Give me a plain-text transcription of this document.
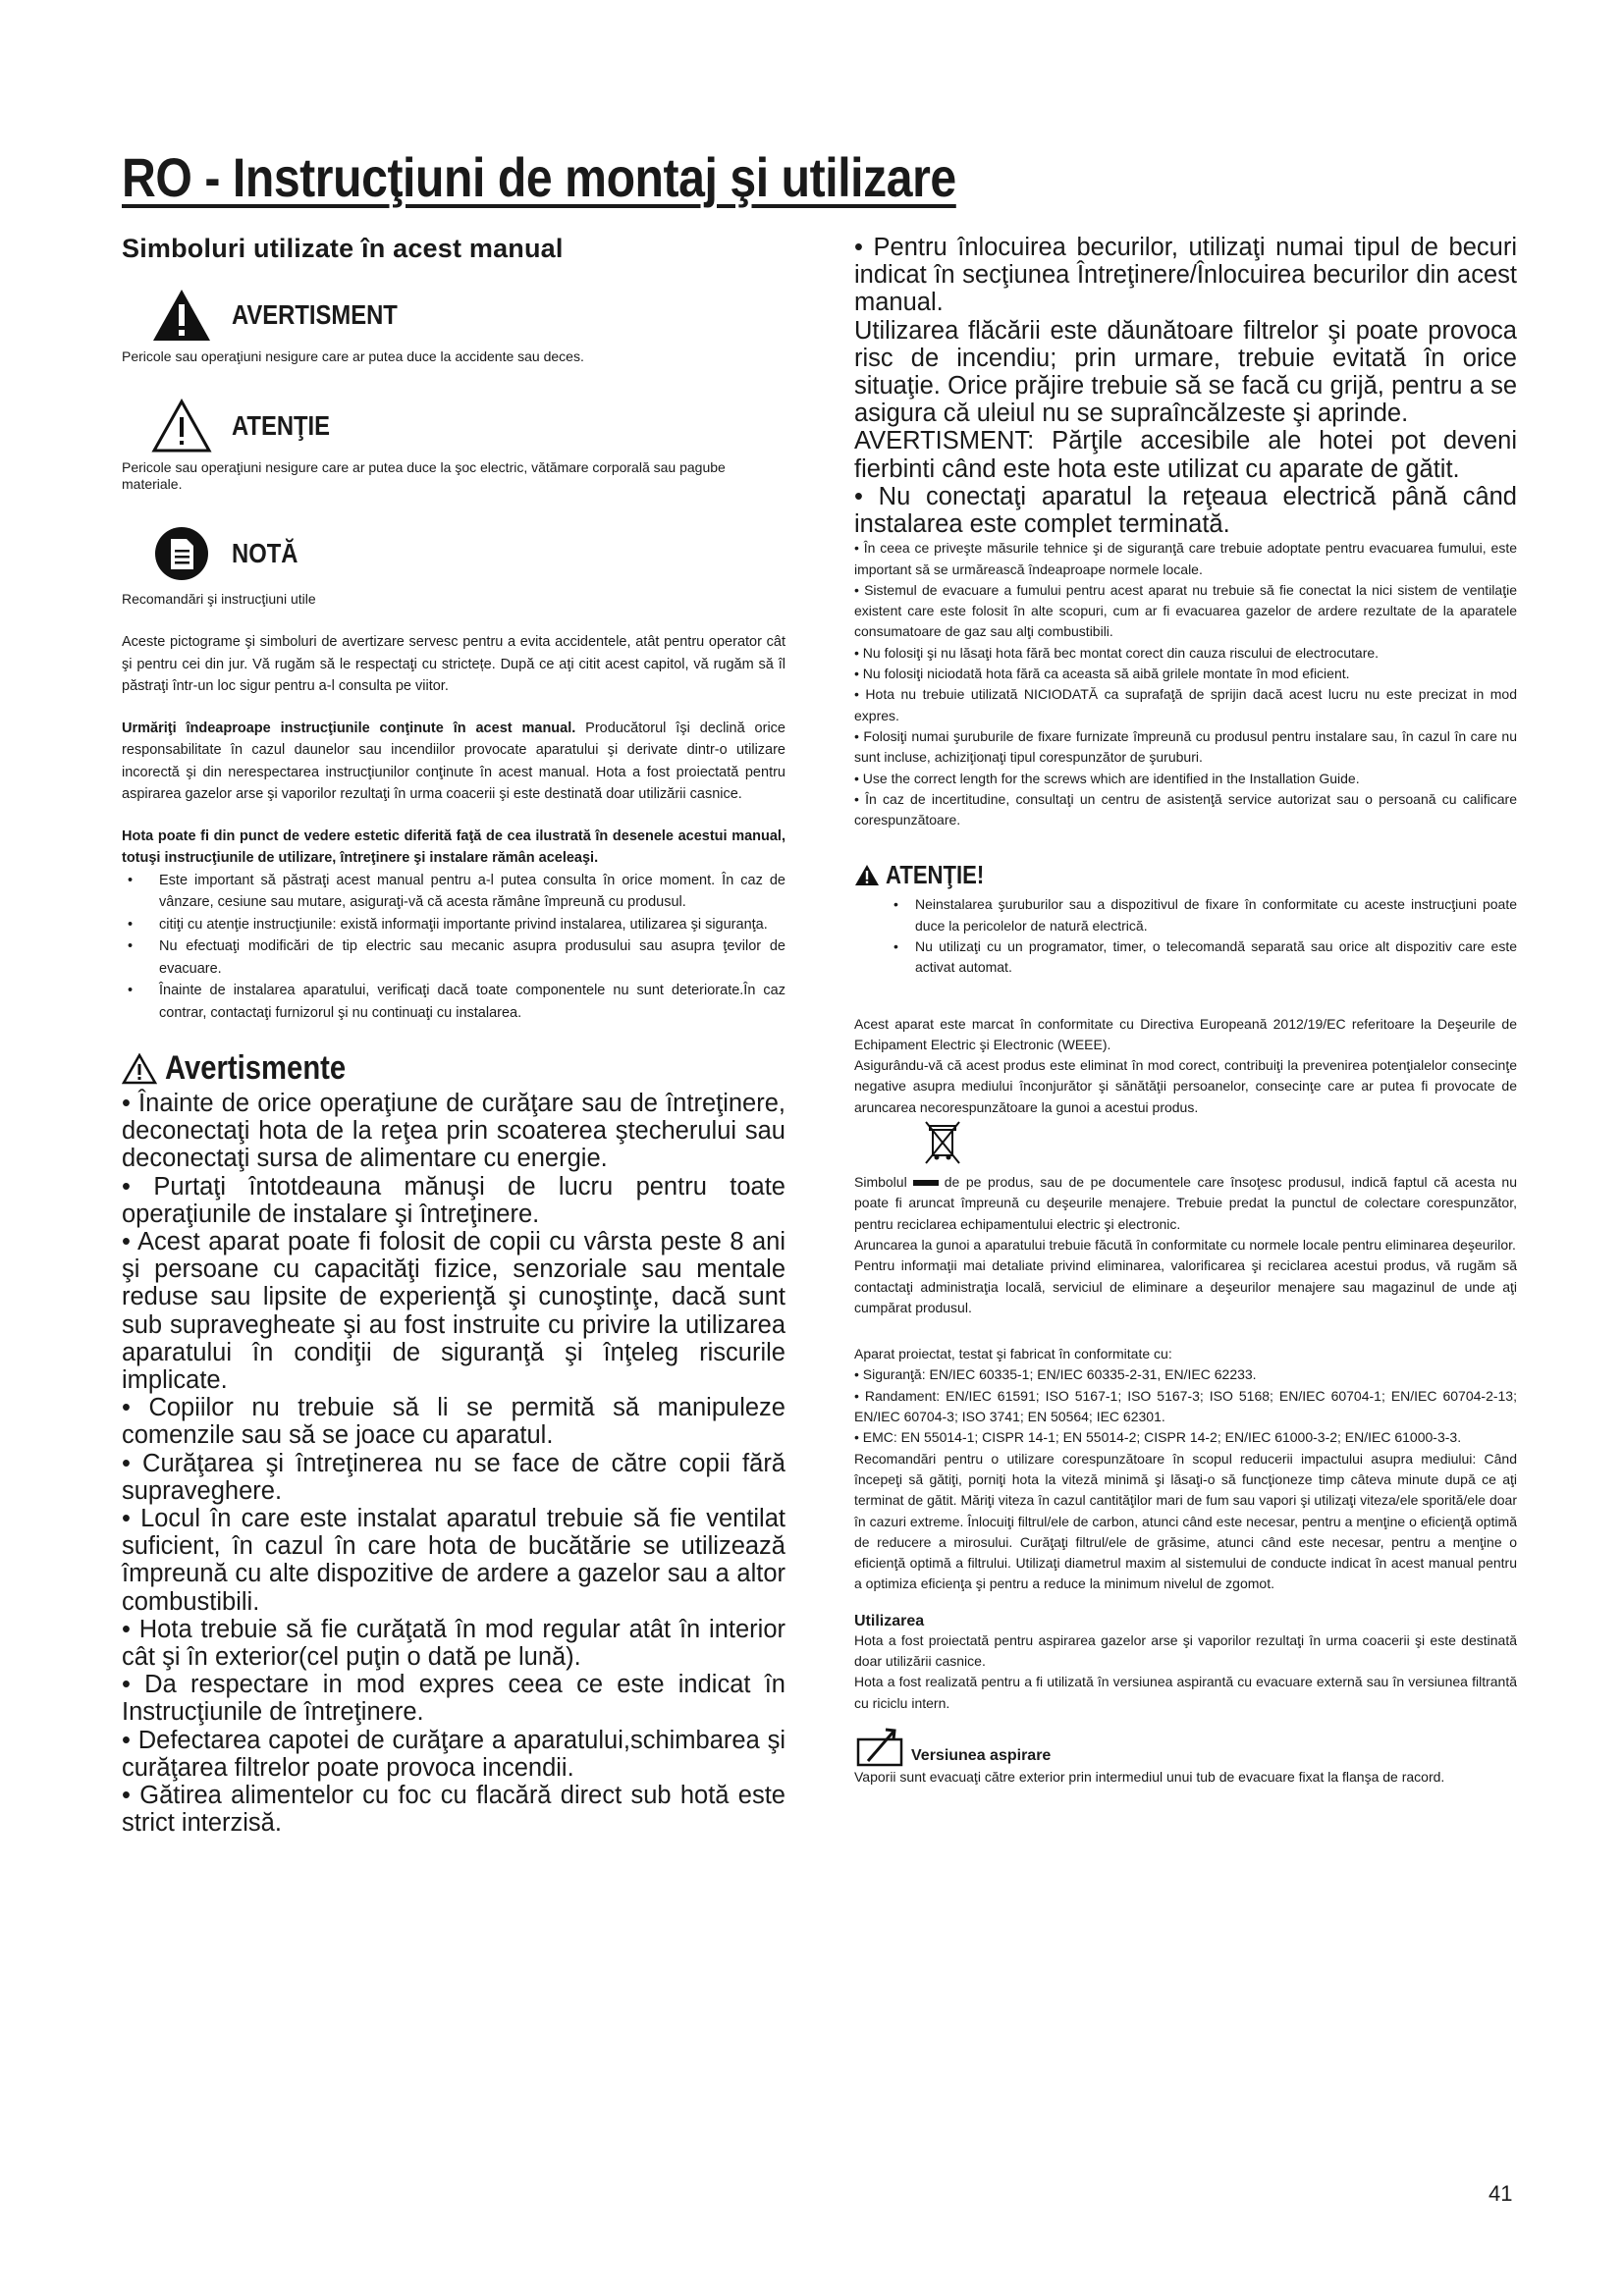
RO - Instrucţiuni de montaj şi utilizare
Simboluri utilizate în acest manual
AVERTISMENT

Pericole sau operaţiuni nesigure care ar putea duce la accidente sau deces.

ATENŢIE

Pericole sau operaţiuni nesigure care ar putea duce la şoc electric, vătămare corporală sau pagube materiale.

NOTĂ

Recomandări şi instrucţiuni utile

Aceste pictograme şi simboluri de avertizare servesc pentru a evita accidentele, atât pentru operator cât şi pentru cei din jur. Vă rugăm să le respectaţi cu strictețe. După ce aţi citit acest capitol, vă rugăm să îl păstraţi într-un loc sigur pentru a-l consulta pe viitor.

Urmăriţi îndeaproape instrucţiunile conţinute în acest manual. Producătorul îşi declină orice responsabilitate în cazul daunelor sau incendiilor provocate aparatului şi derivate dintr-o utilizare incorectă şi din nerespectarea instrucţiunilor conţinute în acest manual. Hota a fost proiectată pentru aspirarea gazelor arse şi vaporilor rezultaţi în urma coacerii şi este destinată doar utilizării casnice.

Hota poate fi din punct de vedere estetic diferită faţă de cea ilustrată în desenele acestui manual, totuşi instrucţiunile de utilizare, întreţinere şi instalare rămân aceleaşi.

• Este important să păstraţi acest manual pentru a-l putea consulta în orice moment. În caz de vânzare, cesiune sau mutare, asiguraţi-vă că acesta rămâne împreună cu produsul.
• citiţi cu atenţie instrucţiunile: există informaţii importante privind instalarea, utilizarea şi siguranţa.
• Nu efectuaţi modificări de tip electric sau mecanic asupra produsului sau asupra ţevilor de evacuare.
• Înainte de instalarea aparatului, verificaţi dacă toate componentele nu sunt deteriorate.În caz contrar, contactaţi furnizorul şi nu continuaţi cu instalarea.
Avertismente

• Înainte de orice operaţiune de curăţare sau de întreţinere, deconectaţi hota de la reţea prin scoaterea ştecherului sau deconectaţi sursa de alimentare cu energie.

• Purtaţi întotdeauna mănuşi de lucru pentru toate operaţiunile de instalare şi întreţinere.

• Acest aparat poate fi folosit de copii cu vârsta peste 8 ani şi persoane cu capacităţi fizice, senzoriale sau mentale reduse sau lipsite de experienţă şi cunoştinţe, dacă sunt sub supravegheate şi au fost instruite cu privire la utilizarea aparatului în condiţii de siguranţă şi înţeleg riscurile implicate.

• Copiilor nu trebuie să li se permită să manipuleze comenzile sau să se joace cu aparatul.

• Curăţarea şi întreţinerea nu se face de către copii fără supraveghere.

• Locul în care este instalat aparatul trebuie să fie ventilat suficient, în cazul în care hota de bucătărie se utilizează împreună cu alte dispozitive de ardere a gazelor sau a altor combustibili.

• Hota trebuie să fie curăţată în mod regular atât în interior cât şi în exterior(cel puţin o dată pe lună).

• Da respectare in mod expres ceea ce este indicat în Instrucţiunile de întreţinere.

• Defectarea capotei de curăţare a aparatului,schimbarea şi curăţarea filtrelor poate provoca incendii.

• Gătirea alimentelor cu foc cu flacără direct sub hotă este strict interzisă.

• Pentru înlocuirea becurilor, utilizaţi numai tipul de becuri indicat în secţiunea Întreţinere/Înlocuirea becurilor din acest manual.

Utilizarea flăcării este dăunătoare filtrelor şi poate provoca risc de incendiu; prin urmare, trebuie evitată în orice situaţie. Orice prăjire trebuie să se facă cu grijă, pentru a se asigura că uleiul nu se supraîncălzeste şi aprinde.

AVERTISMENT: Părţile accesibile ale hotei pot deveni fierbinti când este hota este utilizat cu aparate de gătit.

• Nu conectaţi aparatul la reţeaua electrică până când instalarea este complet terminată.

• În ceea ce priveşte măsurile tehnice şi de siguranţă care trebuie adoptate pentru evacuarea fumului, este important să se urmărească îndeaproape normele locale.

• Sistemul de evacuare a fumului pentru acest aparat nu trebuie să fie conectat la nici sistem de ventilaţie existent care este folosit în alte scopuri, cum ar fi evacuarea gazelor de ardere rezultate de la aparatele consumatoare de gaz sau alţi combustibili.

• Nu folosiţi şi nu lăsaţi hota fără bec montat corect din cauza riscului de electrocutare.

• Nu folosiţi niciodată hota fără ca aceasta să aibă grilele montate în mod eficient.

• Hota nu trebuie utilizată NICIODATĂ ca suprafaţă de sprijin dacă acest lucru nu este precizat in mod expres.

• Folosiţi numai şuruburile de fixare furnizate împreună cu produsul pentru instalare sau, în cazul în care nu sunt incluse, achiziţionaţi tipul corespunzător de şuruburi.

• Use the correct length for the screws which are identified in the Installation Guide.

• În caz de incertitudine, consultaţi un centru de asistenţă service autorizat sau o persoană cu calificare corespunzătoare.

ATENŢIE!
• Neinstalarea şuruburilor sau a dispozitivul de fixare în conformitate cu aceste instrucţiuni poate duce la pericolelor de natură electrică.
• Nu utilizaţi cu un programator, timer, o telecomandă separată sau orice alt dispozitiv care este activat automat.

Acest aparat este marcat în conformitate cu Directiva Europeană 2012/19/EC referitoare la Deşeurile de Echipament Electric şi Electronic (WEEE).

Asigurându-vă că acest produs este eliminat în mod corect, contribuiţi la prevenirea potenţialelor consecinţe negative asupra mediului înconjurător şi sănătăţii persoanelor, consecinţe care ar putea fi provocate de aruncarea necorespunzătoare la gunoi a acestui produs.

Simbolul	de pe produs, sau de pe documentele care însoţesc produsul, indică faptul că acesta nu poate fi aruncat împreună cu deşeurile menajere. Trebuie predat la punctul de colectare corespunzător, pentru reciclarea echipamentului electric şi electronic.

Aruncarea la gunoi a aparatului trebuie făcută în conformitate cu normele locale pentru eliminarea deşeurilor.

Pentru informaţii mai detaliate privind eliminarea, valorificarea şi reciclarea acestui produs, vă rugăm să contactaţi administraţia locală, serviciul de eliminare a deşeurilor menajere sau magazinul de unde aţi cumpărat produsul.

Aparat proiectat, testat şi fabricat în conformitate cu:

• Siguranţă: EN/IEC 60335-1; EN/IEC 60335-2-31, EN/IEC 62233.

• Randament: EN/IEC 61591; ISO 5167-1; ISO 5167-3; ISO 5168; EN/IEC 60704-1; EN/IEC 60704-2-13; EN/IEC 60704-3; ISO 3741; EN 50564; IEC 62301.

• EMC: EN 55014-1; CISPR 14-1; EN 55014-2; CISPR 14-2; EN/IEC 61000-3-2; EN/IEC 61000-3-3.

Recomandări pentru o utilizare corespunzătoare în scopul reducerii impactului asupra mediului: Când începeţi să gătiţi, porniţi hota la viteză minimă şi lăsaţi-o să funcţioneze timp câteva minute după ce aţi terminat de gătit. Măriţi viteza în cazul cantităţilor mari de fum sau vapori şi utilizaţi viteza/ele sporită/ele doar în cazuri extreme. Înlocuiţi filtrul/ele de carbon, atunci când este necesar, pentru a menţine o eficienţă optimă de reducere a mirosului. Curăţaţi filtrul/ele de grăsime, atunci când este necesar, pentru a menţine o eficienţă optimă a filtrului. Utilizaţi diametrul maxim al sistemului de conducte indicat în acest manual pentru a optimiza eficienţa şi pentru a reduce la minimum nivelul de zgomot.

Utilizarea

Hota a fost proiectată pentru aspirarea gazelor arse şi vaporilor rezultaţi în urma coacerii şi este destinată doar utilizării casnice.

Hota a fost realizată pentru a fi utilizată în versiunea aspirantă cu evacuare externă sau în versiunea filtrantă cu riciclu intern.

Versiunea aspirare

Vaporii sunt evacuaţi către exterior prin intermediul unui tub de evacuare fixat la flanşa de racord.

41
